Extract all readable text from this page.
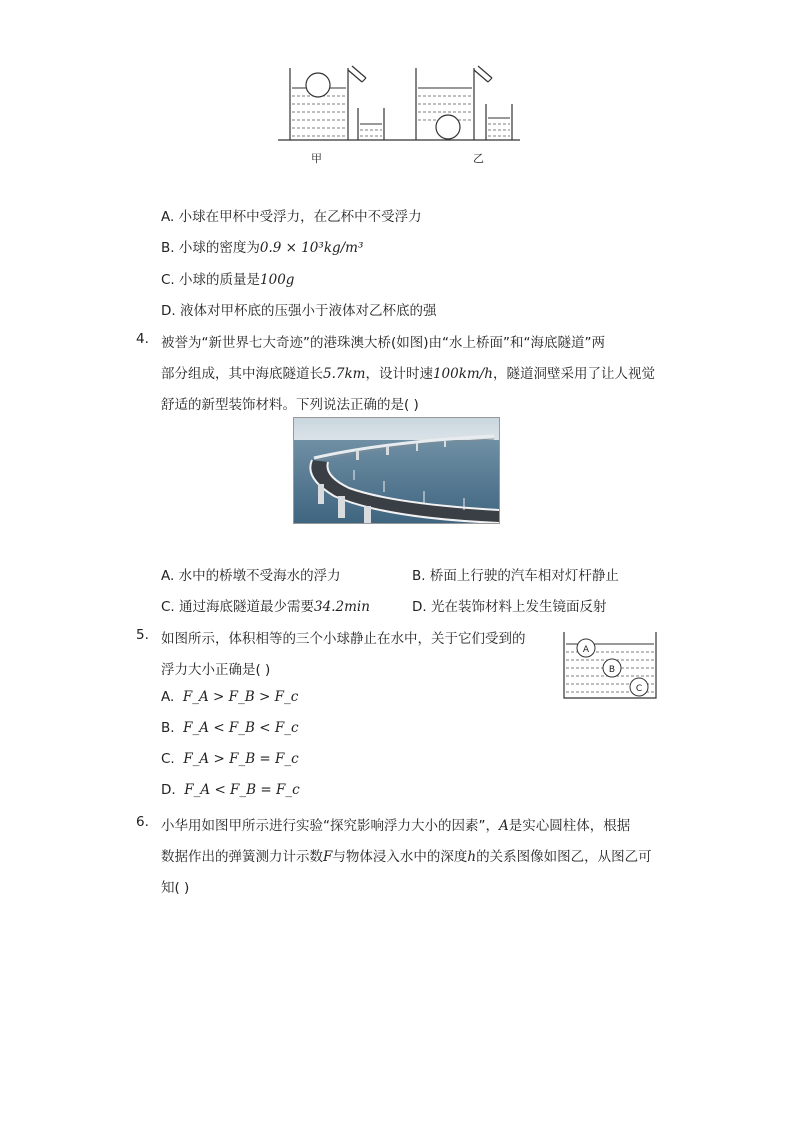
甲	乙
A. 小球在甲杯中受浮力，在乙杯中不受浮力
B. 小球的密度为0.9 × 10³kg/m³
C. 小球的质量是100g
D. 液体对甲杯底的压强小于液体对乙杯底的强
4. 被誉为“新世界七大奇迹”的港珠澳大桥(如图)由“水上桥面”和“海底隧道”两
部分组成，其中海底隧道长5.7km，设计时速100km/h，隧道洞壁采用了让人视觉
舒适的新型装饰材料。下列说法正确的是( )
A. 水中的桥墩不受海水的浮力	B. 桥面上行驶的汽车相对灯杆静止
C. 通过海底隧道最少需要34.2min	D. 光在装饰材料上发生镜面反射
5. 如图所示，体积相等的三个小球静止在水中，关于它们受到的
浮力大小正确是( )
A
B
C
A. F_A > F_B > F_c
B. F_A < F_B < F_c
C. F_A > F_B = F_c
D. F_A < F_B = F_c
6. 小华用如图甲所示进行实验“探究影响浮力大小的因素”，A是实心圆柱体，根据
数据作出的弹簧测力计示数F与物体浸入水中的深度h的关系图像如图乙，从图乙可
知( )
